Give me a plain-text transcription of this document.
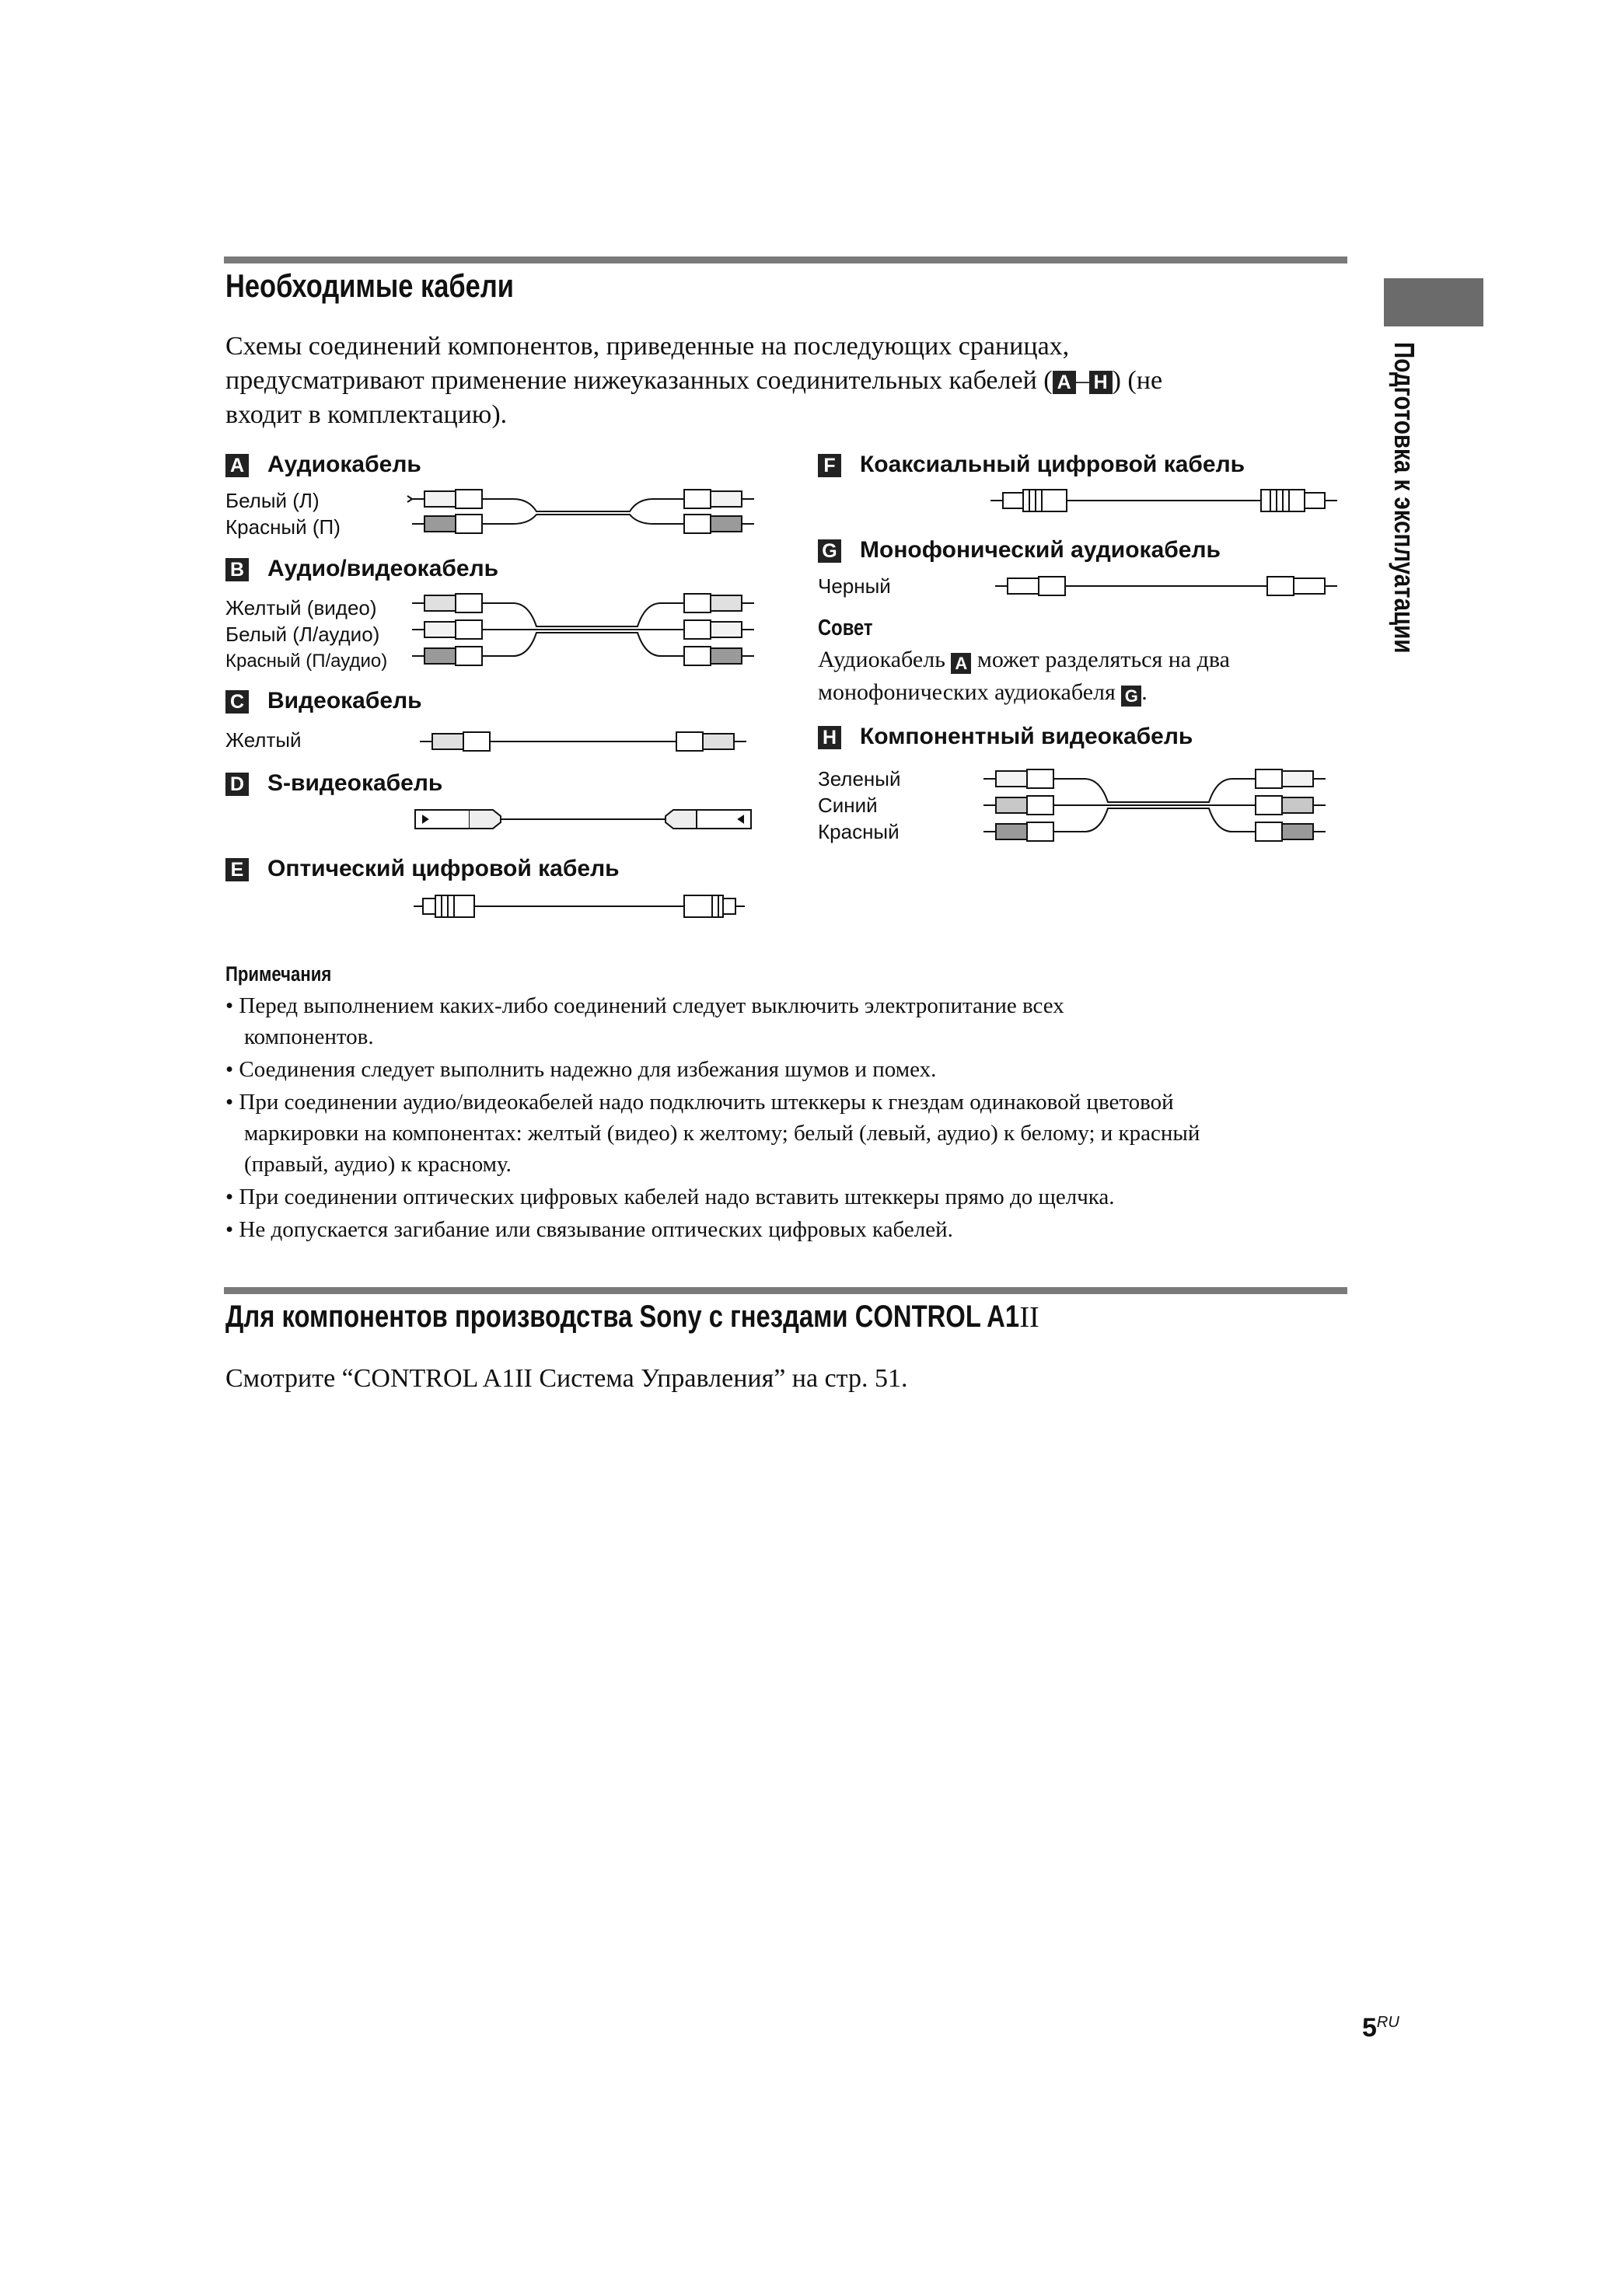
Необходимые кабели
Схемы соединений компонентов, приведенные на последующих сраницах,
предусматривают применение нижеуказанных соединительных кабелей ( A – H ) (не
входит в комплектацию).	Подготовка к эксплуатации
A Аудиокабель
Белый (Л)
Красный (П)
B Аудио/видеокабель
Желтый (видео)
Белый (Л/аудио)
Красный (П/аудио)
C Видеокабель
Желтый
D S-видеокабель
E Оптический цифровой кабель
F Коаксиальный цифровой кабель
G Монофонический аудиокабель
Черный
Совет
Аудиокабель A может разделяться на два
монофонических аудиокабеля G .
H Компонентный видеокабель
Зеленый
Синий
Красный
Примечания
• Перед выполнением каких-либо соединений следует выключить электропитание всех
компонентов.
• Соединения следует выполнить надежно для избежания шумов и помех.
• При соединении аудио/видеокабелей надо подключить штеккеры к гнездам одинаковой цветовой
маркировки на компонентах: желтый (видео) к желтому; белый (левый, аудио) к белому; и красный
(правый, аудио) к красному.
• При соединении оптических цифровых кабелей надо вставить штеккеры прямо до щелчка.
• Не допускается загибание или связывание оптических цифровых кабелей.
Для компонентов производства Sony с гнездами CONTROL A1II
Смотрите “CONTROL A1II Система Управления” на стр. 51.
5RU
